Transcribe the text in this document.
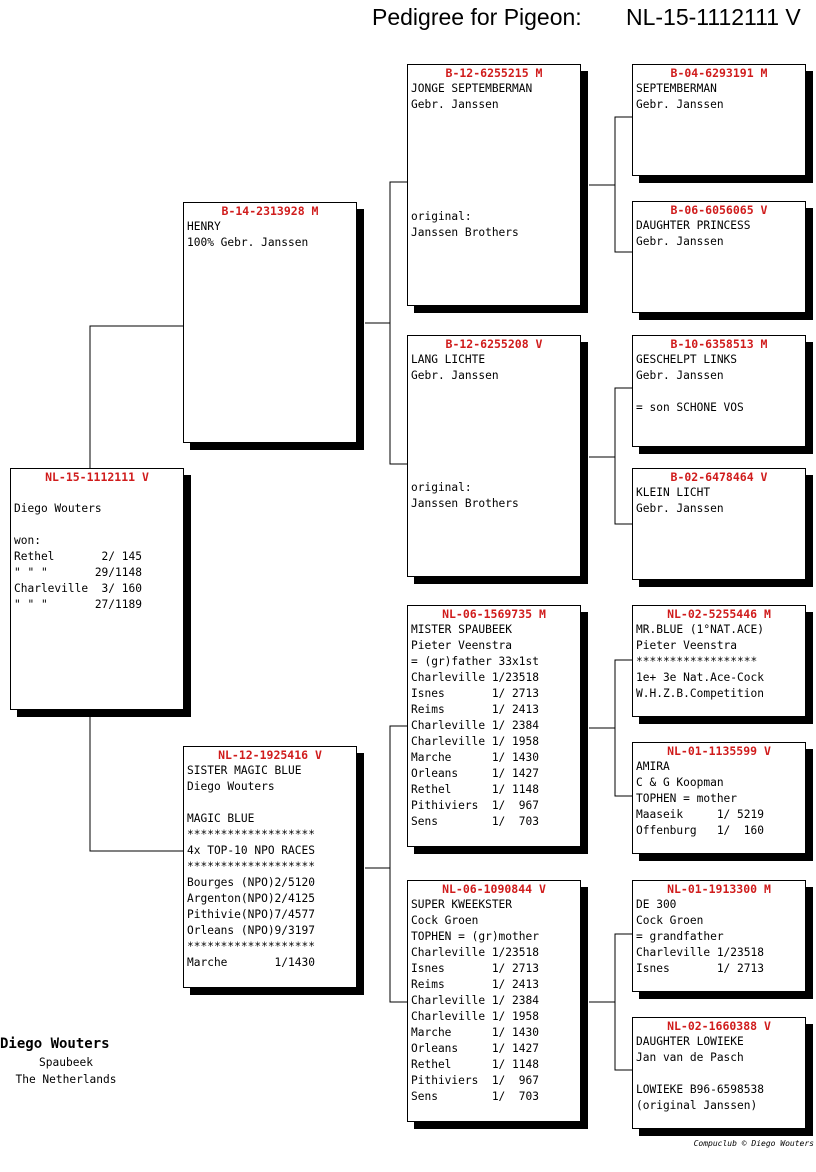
Pedigree for Pigeon:

NL-15-1112111 V

NL-15-1112111 V
Diego Wouters
won:
Rethel       2/ 145
" " "       29/1148
Charleville  3/ 160
" " "       27/1189
B-14-2313928 M
HENRY
100% Gebr. Janssen
NL-12-1925416 V
SISTER MAGIC BLUE
Diego Wouters
MAGIC BLUE
*******************
4x TOP-10 NPO RACES
*******************
Bourges (NPO)2/5120
Argenton(NPO)2/4125
Pithivie(NPO)7/4577
Orleans (NPO)9/3197
*******************
Marche       1/1430
B-12-6255215 M
JONGE SEPTEMBERMAN
Gebr. Janssen
original:
Janssen Brothers
B-12-6255208 V
LANG LICHTE
Gebr. Janssen
original:
Janssen Brothers
NL-06-1569735 M
MISTER SPAUBEEK
Pieter Veenstra
= (gr)father 33x1st
Charleville 1/23518
Isnes       1/ 2713
Reims       1/ 2413
Charleville 1/ 2384
Charleville 1/ 1958
Marche      1/ 1430
Orleans     1/ 1427
Rethel      1/ 1148
Pithiviers  1/  967
Sens        1/  703
NL-06-1090844 V
SUPER KWEEKSTER
Cock Groen
TOPHEN = (gr)mother
Charleville 1/23518
Isnes       1/ 2713
Reims       1/ 2413
Charleville 1/ 2384
Charleville 1/ 1958
Marche      1/ 1430
Orleans     1/ 1427
Rethel      1/ 1148
Pithiviers  1/  967
Sens        1/  703
B-04-6293191 M
SEPTEMBERMAN
Gebr. Janssen
B-06-6056065 V
DAUGHTER PRINCESS
Gebr. Janssen
B-10-6358513 M
GESCHELPT LINKS
Gebr. Janssen
= son SCHONE VOS
B-02-6478464 V
KLEIN LICHT
Gebr. Janssen
NL-02-5255446 M
MR.BLUE (1°NAT.ACE)
Pieter Veenstra
******************
1e+ 3e Nat.Ace-Cock
W.H.Z.B.Competition
NL-01-1135599 V
AMIRA
C & G Koopman
TOPHEN = mother
Maaseik     1/ 5219
Offenburg   1/  160
NL-01-1913300 M
DE 300
Cock Groen
= grandfather
Charleville 1/23518
Isnes       1/ 2713
NL-02-1660388 V
DAUGHTER LOWIEKE
Jan van de Pasch
LOWIEKE B96-6598538
(original Janssen)
Diego Wouters
Spaubeek
The Netherlands
Compuclub © Diego Wouters
